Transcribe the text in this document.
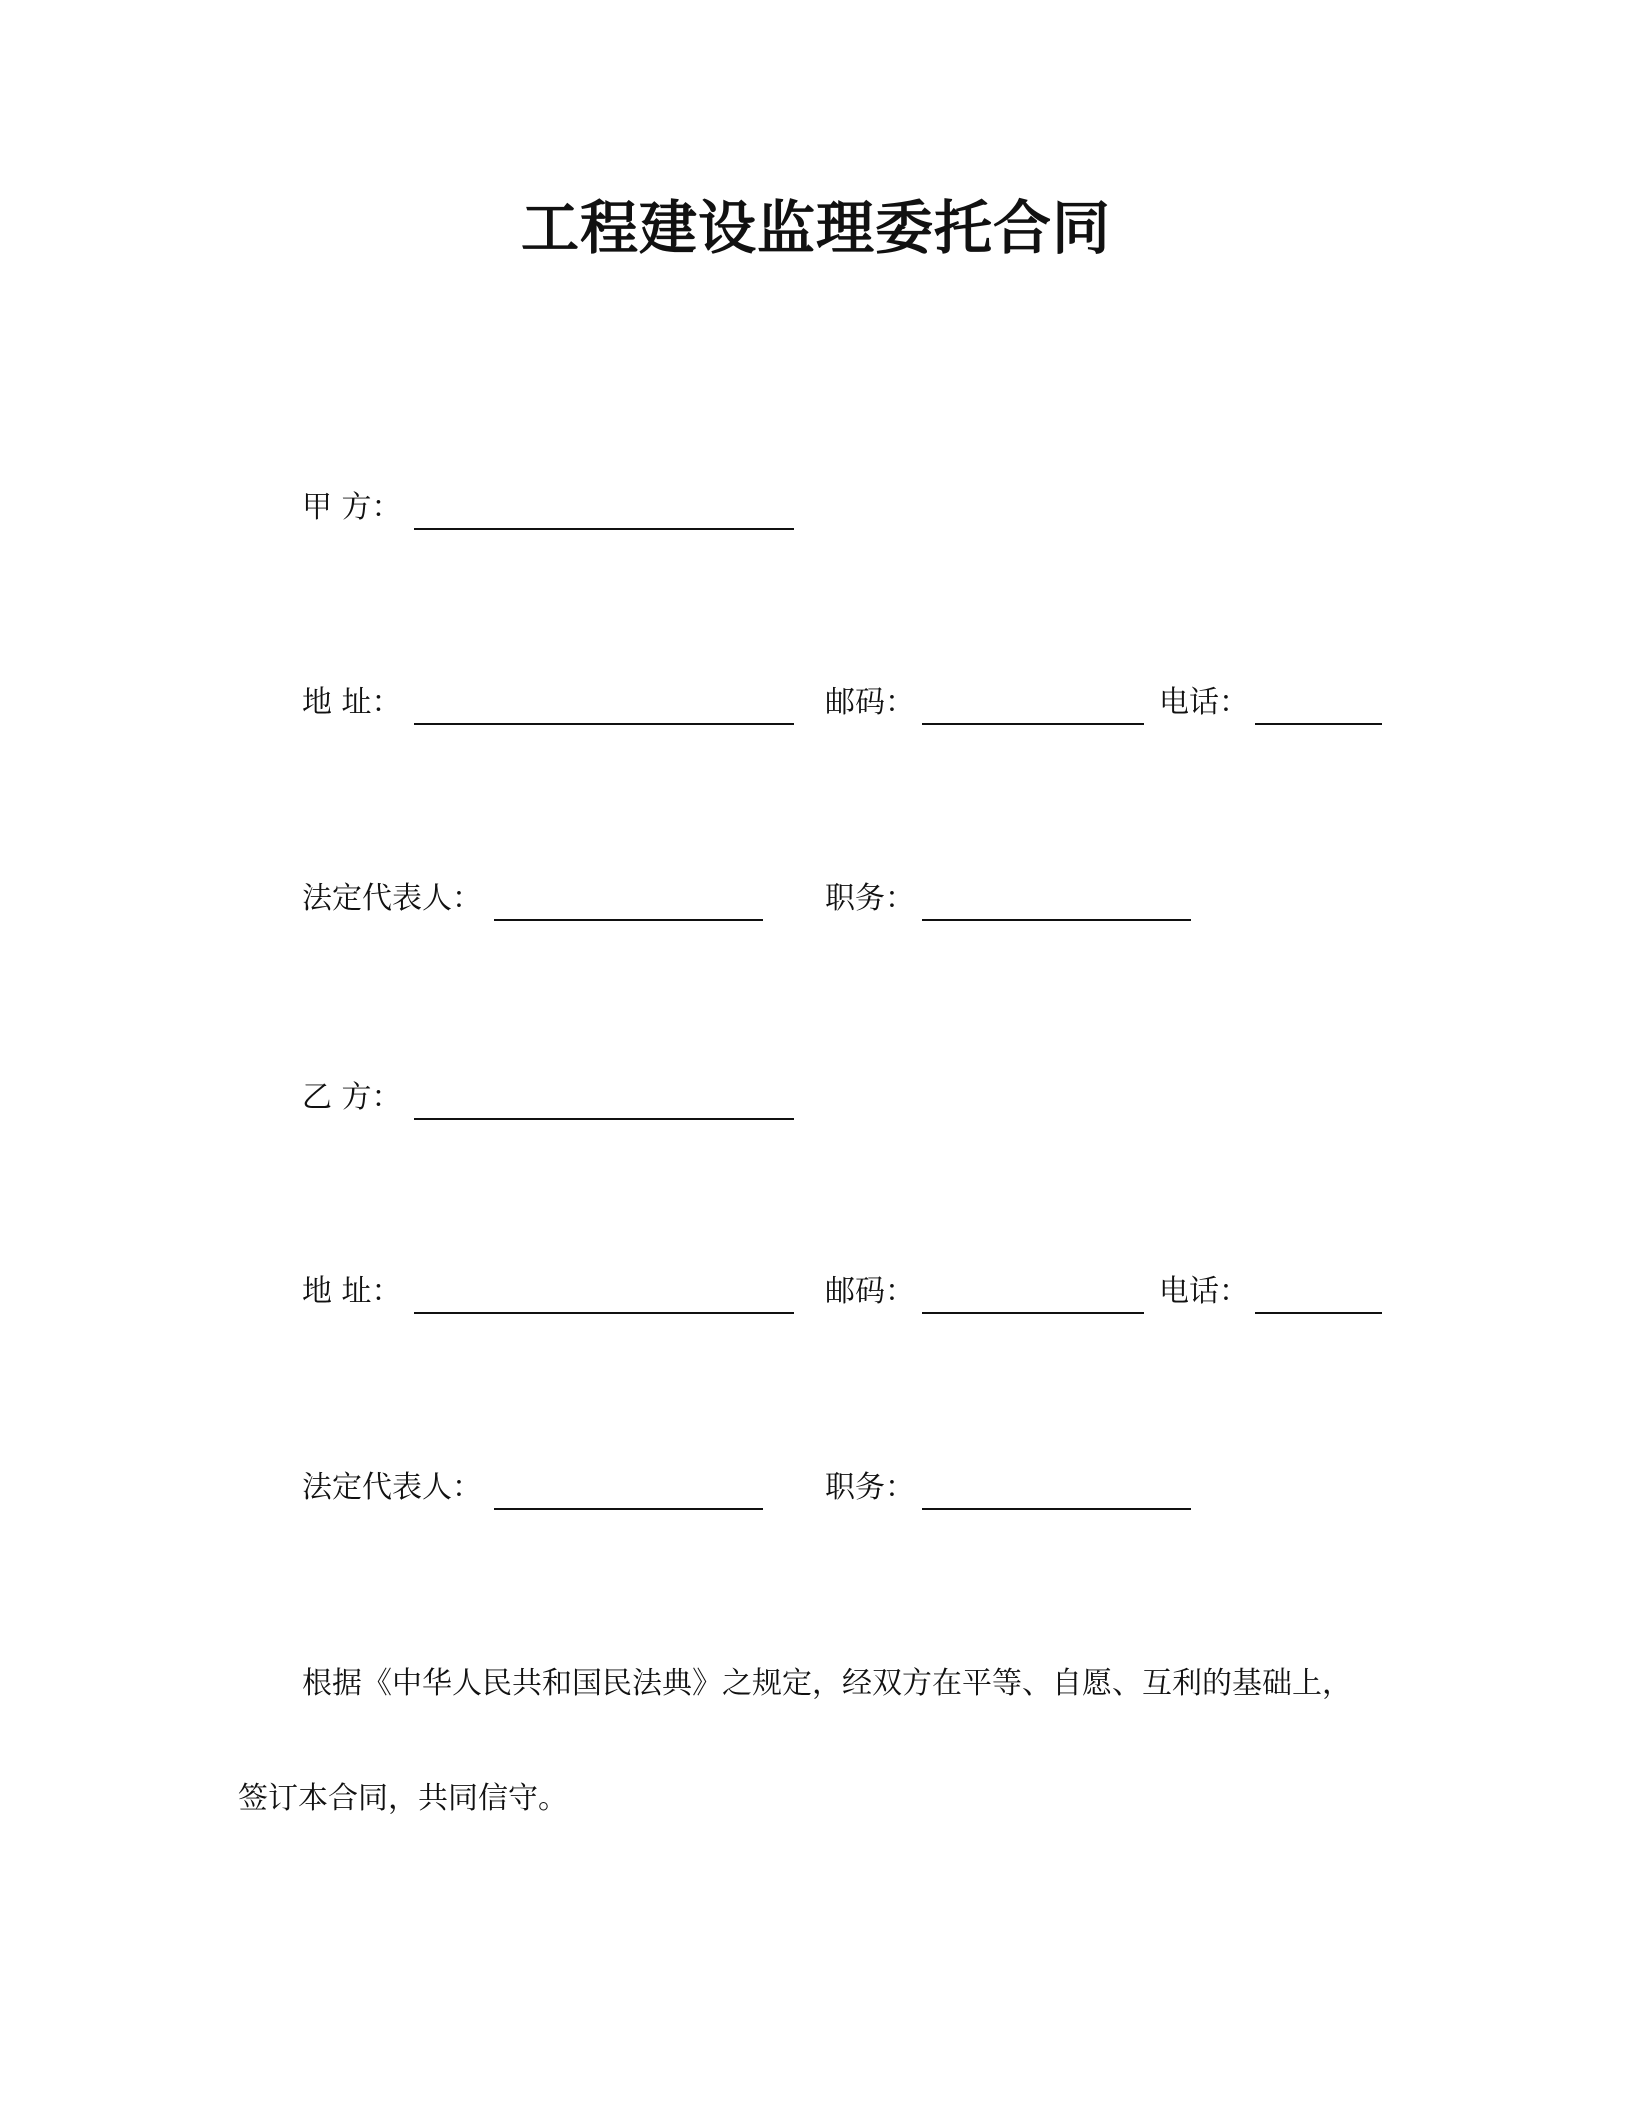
工程建设监理委托合同
甲 方：
地 址：	邮码：	电话：
法定代表人：	职务：
乙 方：
地 址：	邮码：	电话：
法定代表人：	职务：
根据《中华人民共和国民法典》之规定，经双方在平等、自愿、互利的基础上，
签订本合同，共同信守。
